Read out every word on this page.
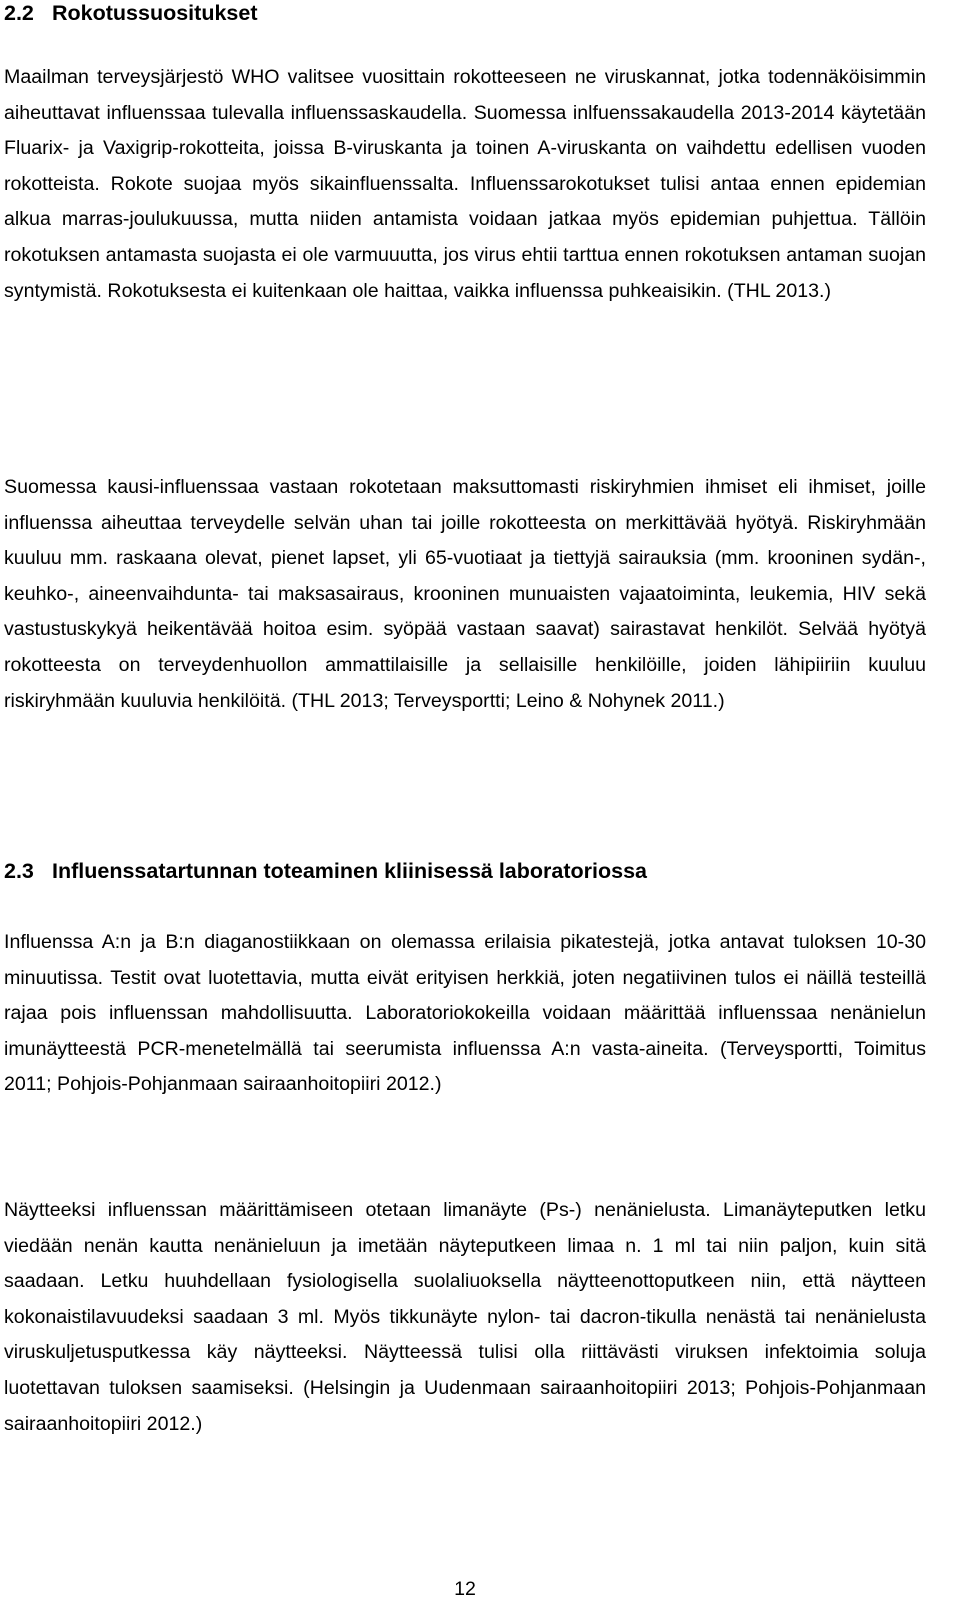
2.2 Rokotussuositukset

Maailman terveysjärjestö WHO valitsee vuosittain rokotteeseen ne viruskannat, jotka todennäköisimmin aiheuttavat influenssaa tulevalla influenssaskaudella. Suomessa inlfuenssakaudella 2013‑2014 käytetään Fluarix- ja Vaxigrip-rokotteita, joissa B-viruskanta ja toinen A-viruskanta on vaihdettu edellisen vuoden rokotteista. Rokote suojaa myös sikainfluenssalta. Influenssarokotukset tulisi antaa ennen epidemian alkua marras‑joulukuussa, mutta niiden antamista voidaan jatkaa myös epidemian puhjettua. Tällöin rokotuksen antamasta suojasta ei ole varmuuutta, jos virus ehtii tarttua ennen rokotuksen antaman suojan syntymistä. Rokotuksesta ei kuitenkaan ole haittaa, vaikka influenssa puhkeaisikin. (THL 2013.)

Suomessa kausi-influenssaa vastaan rokotetaan maksuttomasti riskiryhmien ihmiset eli ihmiset, joille influenssa aiheuttaa terveydelle selvän uhan tai joille rokotteesta on merkittävää hyötyä. Riskiryhmään kuuluu mm. raskaana olevat, pienet lapset, yli 65-vuotiaat ja tiettyjä sairauksia (mm. krooninen sydän-, keuhko-, aineenvaihdunta- tai maksasairaus, krooninen munuaisten vajaatoiminta, leukemia, HIV sekä vastustuskykyä heikentävää hoitoa esim. syöpää vastaan saavat) sairastavat henkilöt. Selvää hyötyä rokotteesta on terveydenhuollon ammattilaisille ja sellaisille henkilöille, joiden lähipiiriin kuuluu riskiryhmään kuuluvia henkilöitä. (THL 2013; Terveysportti; Leino & Nohynek 2011.)

2.3 Influenssatartunnan toteaminen kliinisessä laboratoriossa

Influenssa A:n ja B:n diaganostiikkaan on olemassa erilaisia pikatestejä, jotka antavat tuloksen 10‑30 minuutissa. Testit ovat luotettavia, mutta eivät erityisen herkkiä, joten negatiivinen tulos ei näillä testeillä rajaa pois influenssan mahdollisuutta. Laboratoriokokeilla voidaan määrittää influenssaa nenänielun imunäytteestä PCR-menetelmällä tai seerumista influenssa A:n vasta-aineita. (Terveysportti, Toimitus 2011; Pohjois-Pohjanmaan sairaanhoitopiiri 2012.)

Näytteeksi influenssan määrittämiseen otetaan limanäyte (Ps-) nenänielusta. Limanäyteputken letku viedään nenän kautta nenänieluun ja imetään näyteputkeen limaa n. 1 ml tai niin paljon, kuin sitä saadaan. Letku huuhdellaan fysiologisella suolaliuoksella näytteenottoputkeen niin, että näytteen kokonaistilavuudeksi saadaan 3 ml. Myös tikkunäyte nylon- tai dacron-tikulla nenästä tai nenänielusta viruskuljetusputkessa käy näytteeksi. Näytteessä tulisi olla riittävästi viruksen infektoimia soluja luotettavan tuloksen saamiseksi. (Helsingin ja Uudenmaan sairaanhoitopiiri 2013; Pohjois-Pohjanmaan sairaanhoitopiiri 2012.)

12
